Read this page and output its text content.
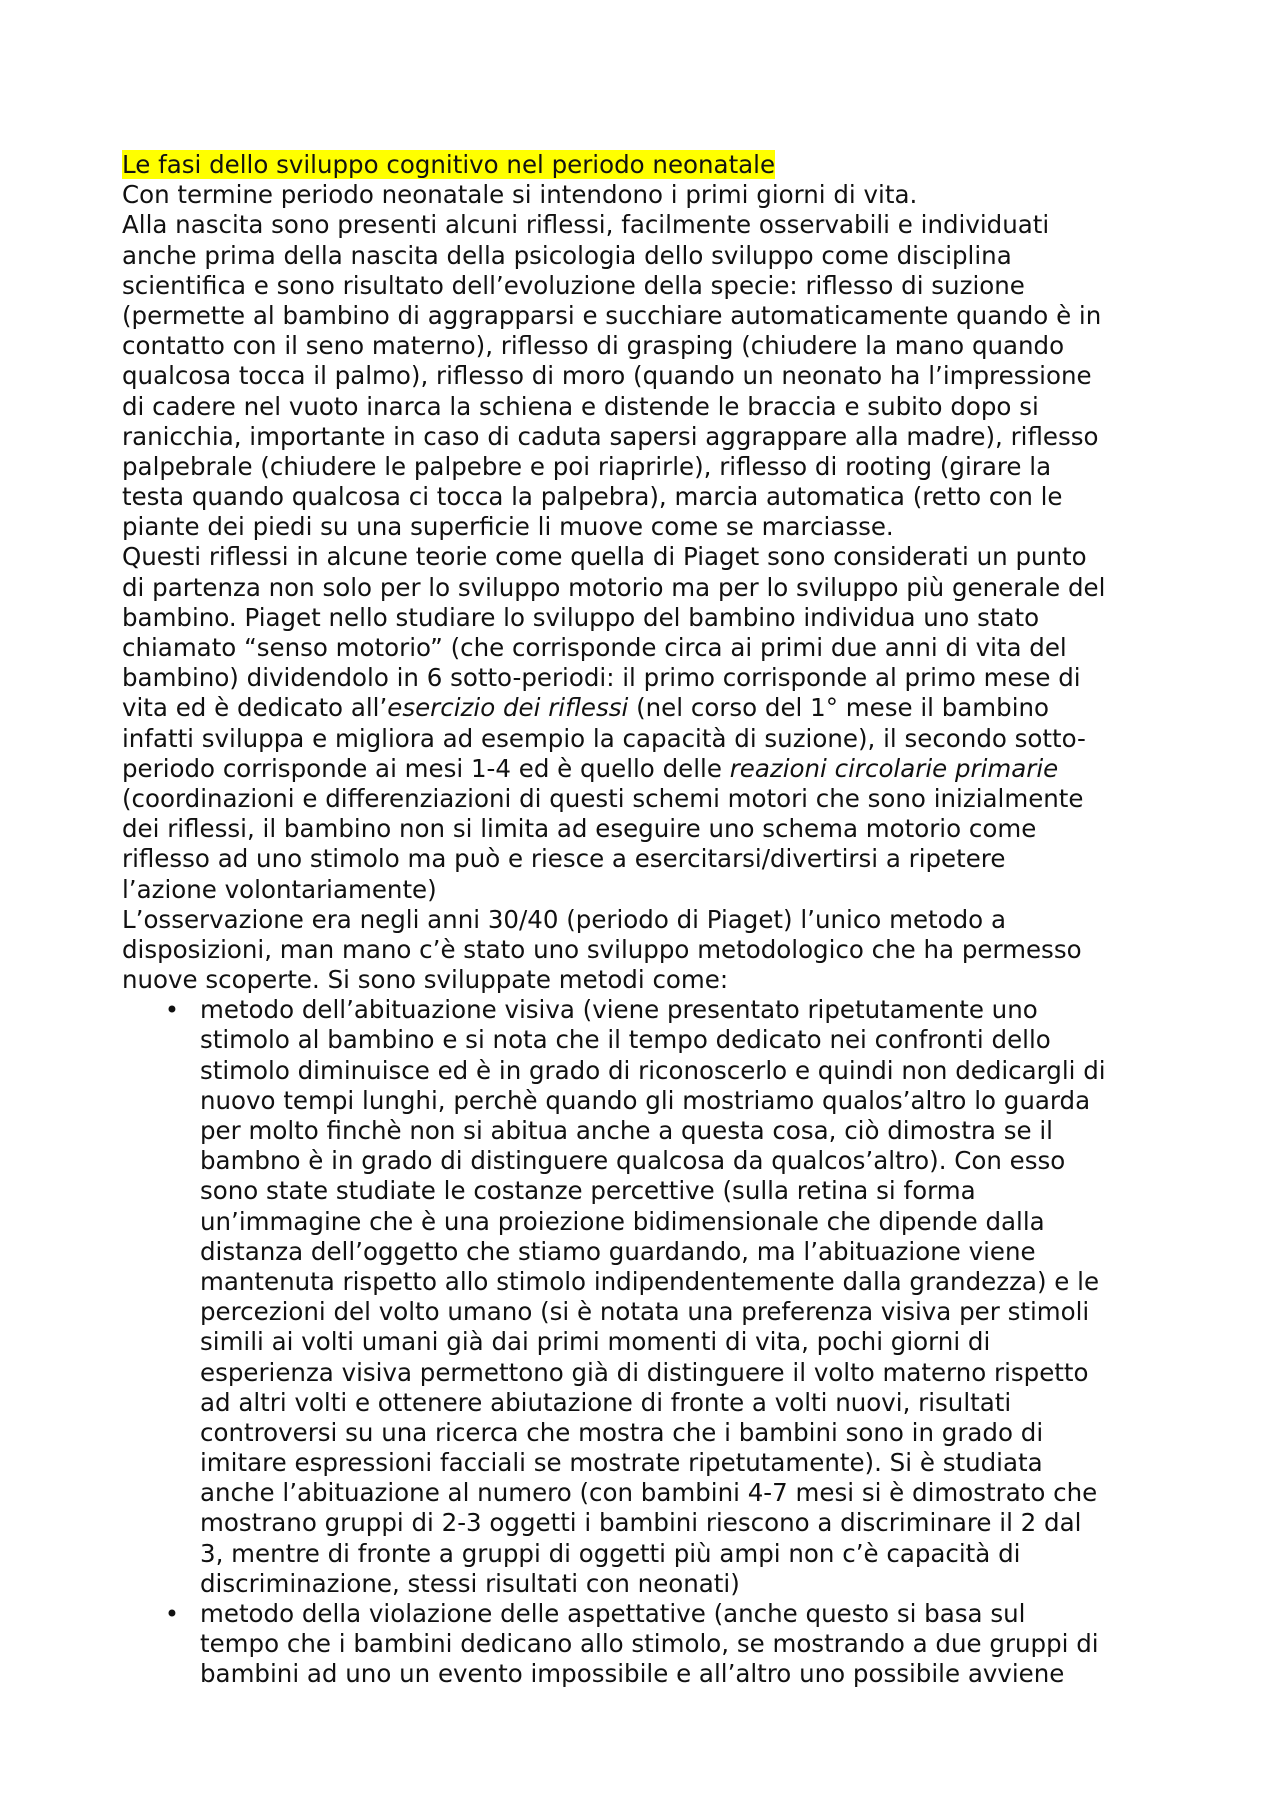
Le fasi dello sviluppo cognitivo nel periodo neonatale
Con termine periodo neonatale si intendono i primi giorni di vita.
Alla nascita sono presenti alcuni riflessi, facilmente osservabili e individuati
anche prima della nascita della psicologia dello sviluppo come disciplina
scientifica e sono risultato dell’evoluzione della specie: riflesso di suzione
(permette al bambino di aggrapparsi e succhiare automaticamente quando è in
contatto con il seno materno), riflesso di grasping (chiudere la mano quando
qualcosa tocca il palmo), riflesso di moro (quando un neonato ha l’impressione
di cadere nel vuoto inarca la schiena e distende le braccia e subito dopo si
ranicchia, importante in caso di caduta sapersi aggrappare alla madre), riflesso
palpebrale (chiudere le palpebre e poi riaprirle), riflesso di rooting (girare la
testa quando qualcosa ci tocca la palpebra), marcia automatica (retto con le
piante dei piedi su una superficie li muove come se marciasse.
Questi riflessi in alcune teorie come quella di Piaget sono considerati un punto
di partenza non solo per lo sviluppo motorio ma per lo sviluppo più generale del
bambino. Piaget nello studiare lo sviluppo del bambino individua uno stato
chiamato “senso motorio” (che corrisponde circa ai primi due anni di vita del
bambino) dividendolo in 6 sotto-periodi: il primo corrisponde al primo mese di
vita ed è dedicato all’esercizio dei riflessi (nel corso del 1° mese il bambino
infatti sviluppa e migliora ad esempio la capacità di suzione), il secondo sotto-
periodo corrisponde ai mesi 1-4 ed è quello delle reazioni circolarie primarie
(coordinazioni e differenziazioni di questi schemi motori che sono inizialmente
dei riflessi, il bambino non si limita ad eseguire uno schema motorio come
riflesso ad uno stimolo ma può e riesce a esercitarsi/divertirsi a ripetere
l’azione volontariamente)
L’osservazione era negli anni 30/40 (periodo di Piaget) l’unico metodo a
disposizioni, man mano c’è stato uno sviluppo metodologico che ha permesso
nuove scoperte. Si sono sviluppate metodi come:
• metodo dell’abituazione visiva (viene presentato ripetutamente uno
stimolo al bambino e si nota che il tempo dedicato nei confronti dello
stimolo diminuisce ed è in grado di riconoscerlo e quindi non dedicargli di
nuovo tempi lunghi, perchè quando gli mostriamo qualos’altro lo guarda
per molto finchè non si abitua anche a questa cosa, ciò dimostra se il
bambno è in grado di distinguere qualcosa da qualcos’altro). Con esso
sono state studiate le costanze percettive (sulla retina si forma
un’immagine che è una proiezione bidimensionale che dipende dalla
distanza dell’oggetto che stiamo guardando, ma l’abituazione viene
mantenuta rispetto allo stimolo indipendentemente dalla grandezza) e le
percezioni del volto umano (si è notata una preferenza visiva per stimoli
simili ai volti umani già dai primi momenti di vita, pochi giorni di
esperienza visiva permettono già di distinguere il volto materno rispetto
ad altri volti e ottenere abiutazione di fronte a volti nuovi, risultati
controversi su una ricerca che mostra che i bambini sono in grado di
imitare espressioni facciali se mostrate ripetutamente). Si è studiata
anche l’abituazione al numero (con bambini 4-7 mesi si è dimostrato che
mostrano gruppi di 2-3 oggetti i bambini riescono a discriminare il 2 dal
3, mentre di fronte a gruppi di oggetti più ampi non c’è capacità di
discriminazione, stessi risultati con neonati)
• metodo della violazione delle aspettative (anche questo si basa sul
tempo che i bambini dedicano allo stimolo, se mostrando a due gruppi di
bambini ad uno un evento impossibile e all’altro uno possibile avviene
